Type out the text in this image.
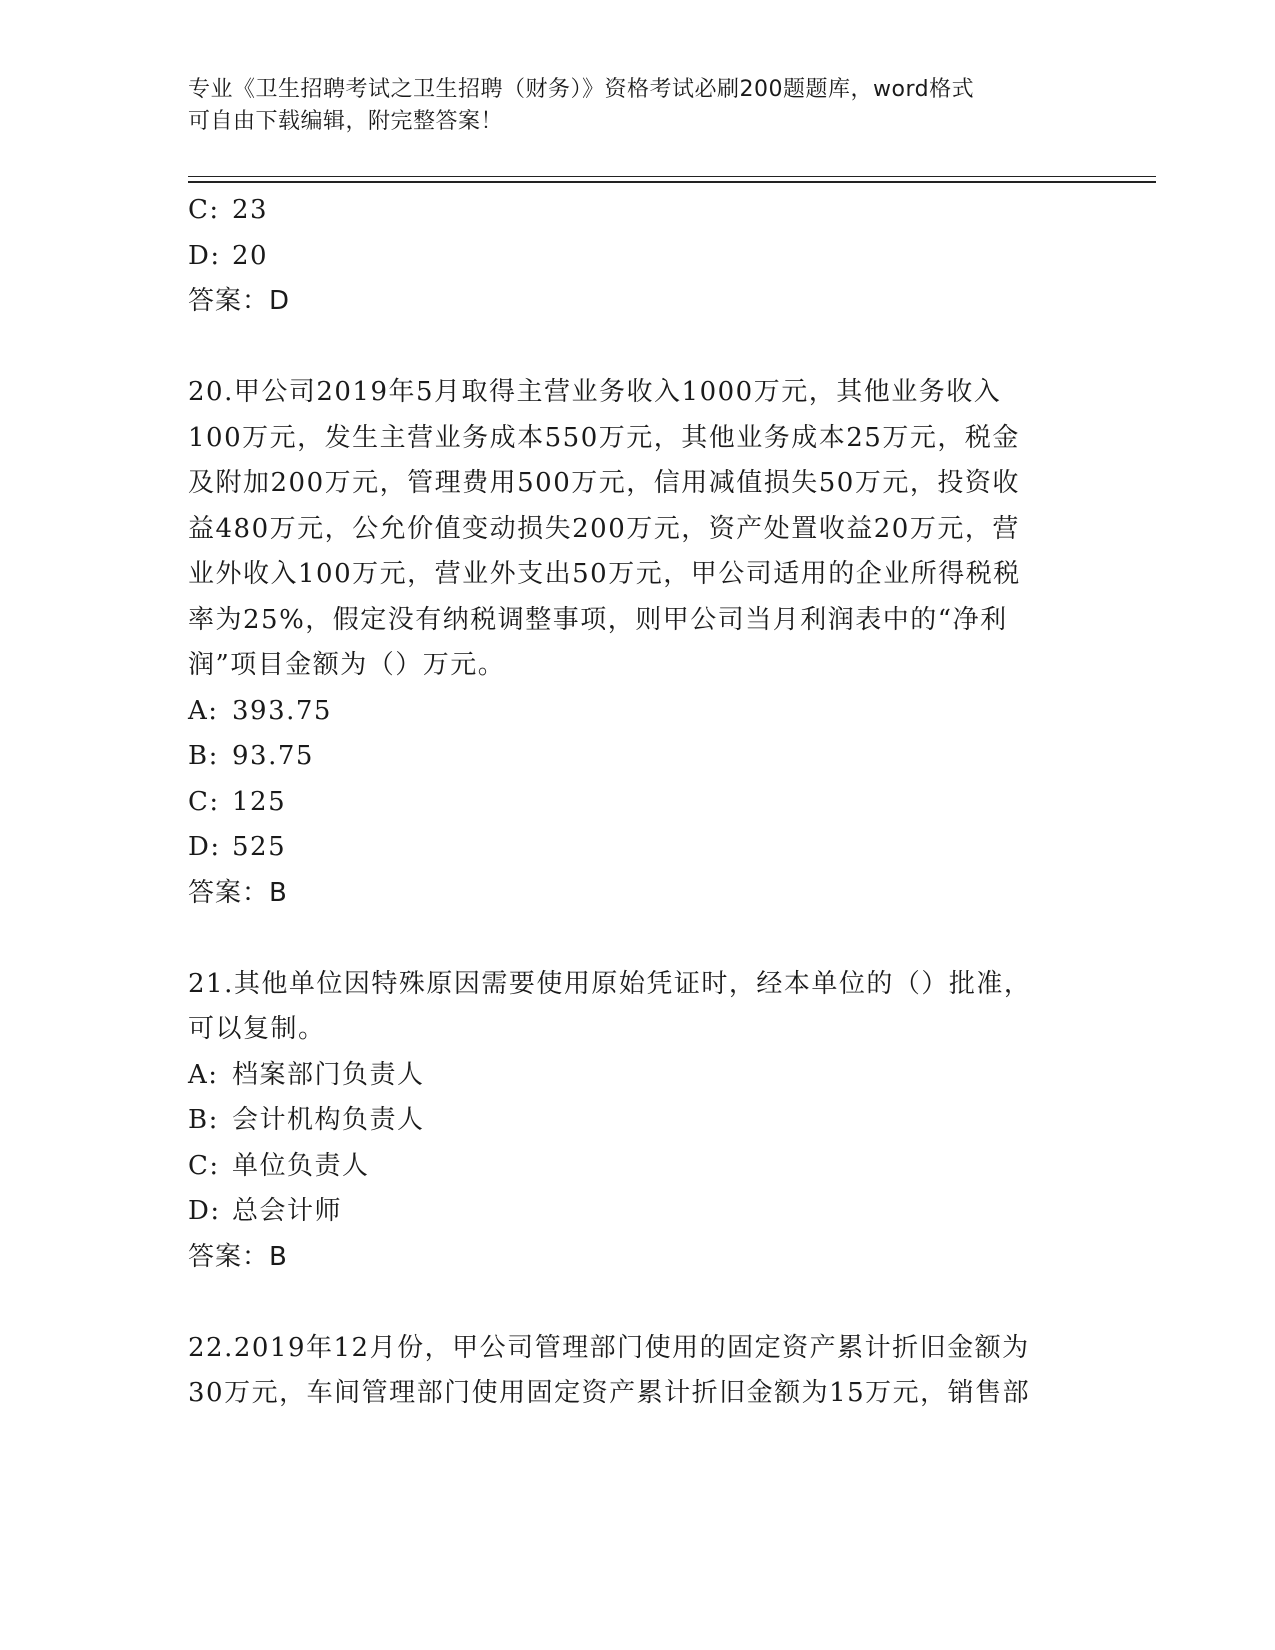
专业《卫生招聘考试之卫生招聘（财务）》资格考试必刷200题题库，word格式
可自由下载编辑，附完整答案！
C: 23
D: 20
答案：D
20.甲公司2019年5月取得主营业务收入1000万元，其他业务收入
100万元，发生主营业务成本550万元，其他业务成本25万元，税金
及附加200万元，管理费用500万元，信用减值损失50万元，投资收
益480万元，公允价值变动损失200万元，资产处置收益20万元，营
业外收入100万元，营业外支出50万元，甲公司适用的企业所得税税
率为25%，假定没有纳税调整事项，则甲公司当月利润表中的“净利
润”项目金额为（）万元。
A: 393.75
B: 93.75
C: 125
D: 525
答案：B
21.其他单位因特殊原因需要使用原始凭证时，经本单位的（）批准，
可以复制。
A: 档案部门负责人
B: 会计机构负责人
C: 单位负责人
D: 总会计师
答案：B
22.2019年12月份，甲公司管理部门使用的固定资产累计折旧金额为
30万元，车间管理部门使用固定资产累计折旧金额为15万元，销售部
